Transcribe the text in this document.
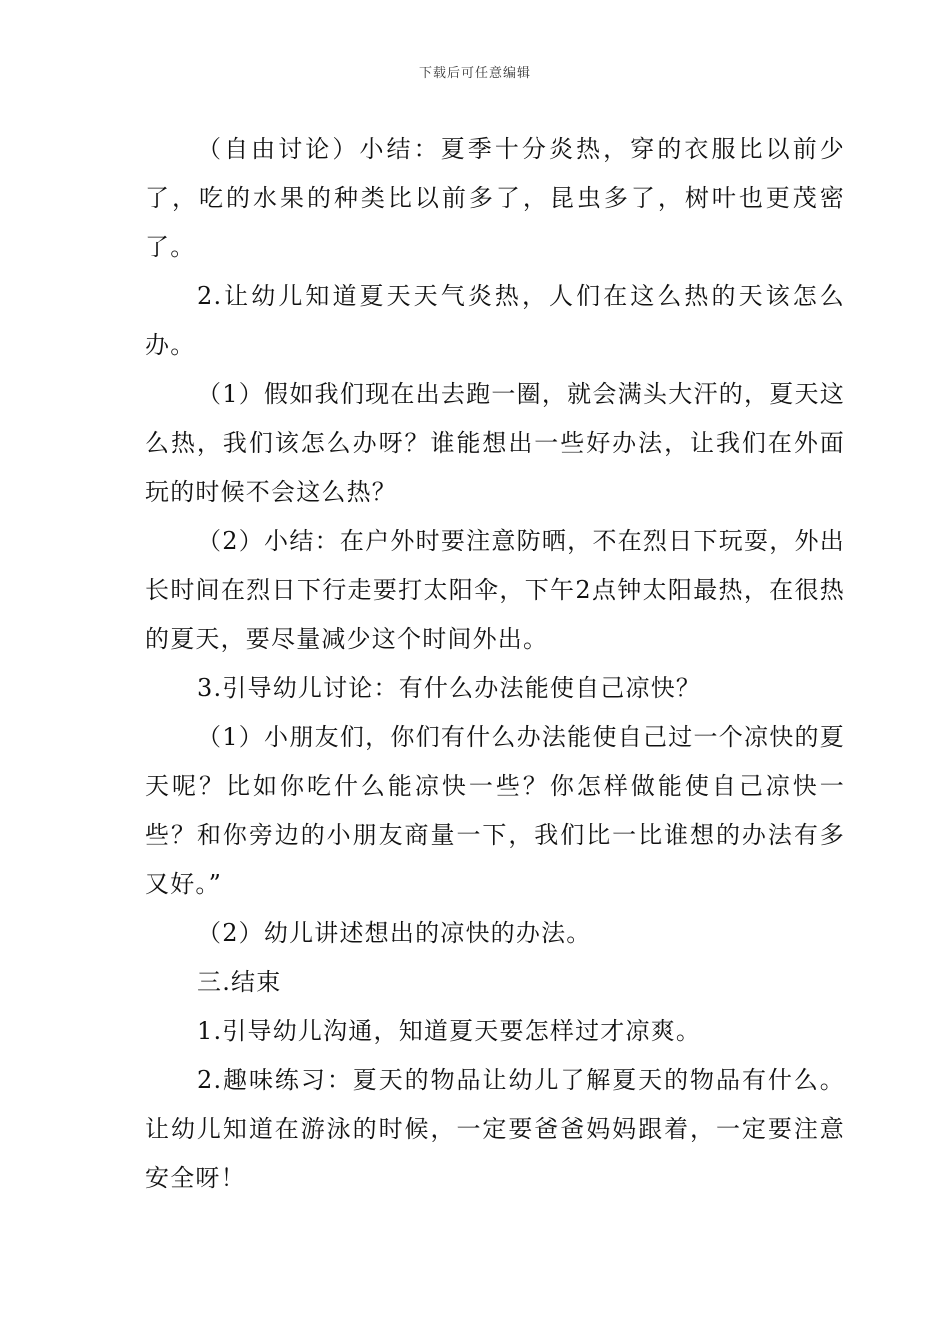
下载后可任意编辑

（自由讨论）小结：夏季十分炎热，穿的衣服比以前少了，吃的水果的种类比以前多了，昆虫多了，树叶也更茂密了。

2.让幼儿知道夏天天气炎热，人们在这么热的天该怎么办。

（1）假如我们现在出去跑一圈，就会满头大汗的，夏天这么热，我们该怎么办呀？谁能想出一些好办法，让我们在外面玩的时候不会这么热？

（2）小结：在户外时要注意防晒，不在烈日下玩耍，外出长时间在烈日下行走要打太阳伞，下午2点钟太阳最热，在很热的夏天，要尽量减少这个时间外出。

3.引导幼儿讨论：有什么办法能使自己凉快？

（1）小朋友们，你们有什么办法能使自己过一个凉快的夏天呢？比如你吃什么能凉快一些？你怎样做能使自己凉快一些？和你旁边的小朋友商量一下，我们比一比谁想的办法有多又好。”

（2）幼儿讲述想出的凉快的办法。

三.结束

1.引导幼儿沟通，知道夏天要怎样过才凉爽。

2.趣味练习：夏天的物品让幼儿了解夏天的物品有什么。让幼儿知道在游泳的时候，一定要爸爸妈妈跟着，一定要注意安全呀！
